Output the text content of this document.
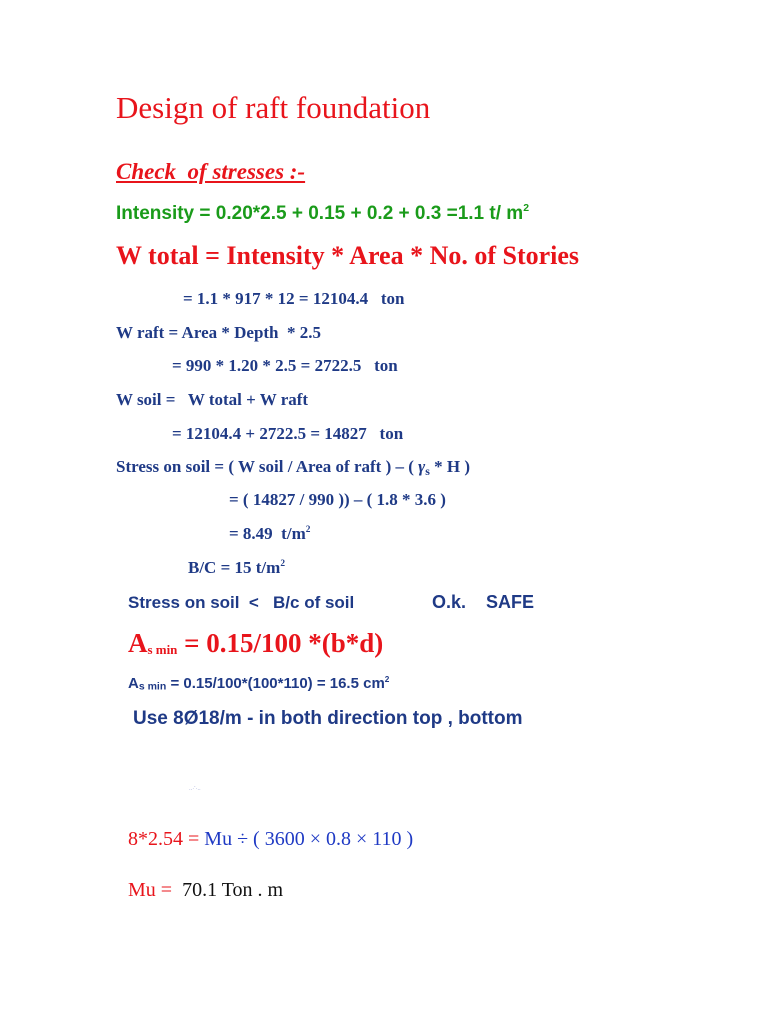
Design of raft foundation
Check  of stresses :-
Intensity = 0.20*2.5 + 0.15 + 0.2 + 0.3 =1.1 t/ $m^2$
W total = Intensity * Area * No. of Stories
= 1.1 * 917 * 12 = 12104.4   ton
W raft = Area * Depth  * 2.5
= 990 * 1.20 * 2.5 = 2722.5   ton
W soil =   W total + W raft
= 12104.4 + 2722.5 = 14827   ton
Stress on soil = ( W soil / Area of raft ) – ( γs * H )
= ( 14827 / 990 )) – ( 1.8 * 3.6 )
= 8.49  $t/m^2$
B/C = 15 $t/m^2$
Stress on soil  <   B/c of soil	O.k.    SAFE
As min = 0.15/100 *(b*d)
As min = 0.15/100*(100*110) = 16.5 $cm^2$
Use 8Ø18/m - in both direction top , bottom
‥·`·‥
8*2.54 = Mu ÷ ( 3600 × 0.8 × 110 )
Mu =  70.1 Ton . m
